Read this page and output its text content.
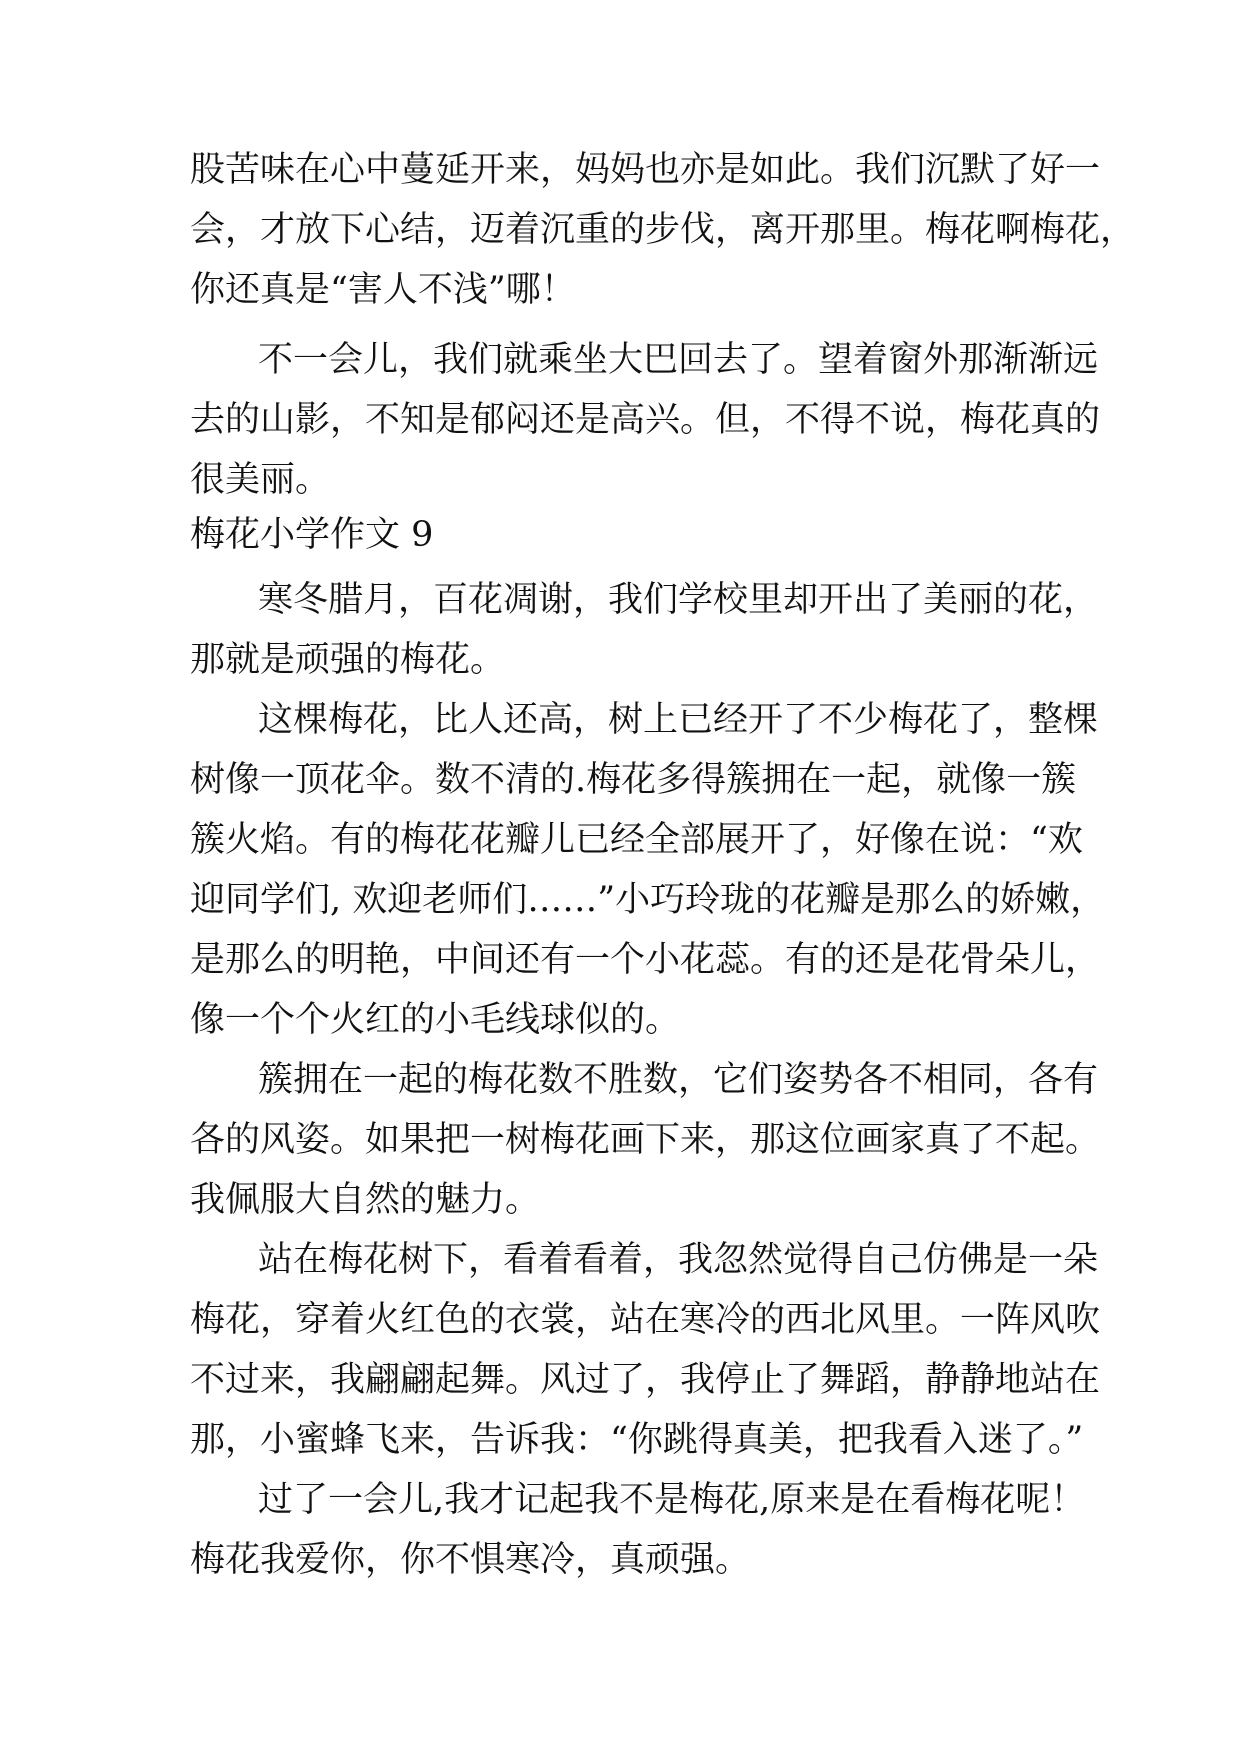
股苦味在心中蔓延开来，妈妈也亦是如此。我们沉默了好一
会，才放下心结，迈着沉重的步伐，离开那里。梅花啊梅花，
你还真是“害人不浅”哪！
不一会儿，我们就乘坐大巴回去了。望着窗外那渐渐远
去的山影，不知是郁闷还是高兴。但，不得不说，梅花真的
很美丽。
梅花小学作文 9
寒冬腊月，百花凋谢，我们学校里却开出了美丽的花，
那就是顽强的梅花。
这棵梅花，比人还高，树上已经开了不少梅花了，整棵
树像一顶花伞。数不清的.梅花多得簇拥在一起，就像一簇
簇火焰。有的梅花花瓣儿已经全部展开了，好像在说：“欢
迎同学们, 欢迎老师们……”小巧玲珑的花瓣是那么的娇嫩，
是那么的明艳，中间还有一个小花蕊。有的还是花骨朵儿，
像一个个火红的小毛线球似的。
簇拥在一起的梅花数不胜数，它们姿势各不相同，各有
各的风姿。如果把一树梅花画下来，那这位画家真了不起。
我佩服大自然的魅力。
站在梅花树下，看着看着，我忽然觉得自己仿佛是一朵
梅花，穿着火红色的衣裳，站在寒冷的西北风里。一阵风吹
不过来，我翩翩起舞。风过了，我停止了舞蹈，静静地站在
那，小蜜蜂飞来，告诉我：“你跳得真美，把我看入迷了。”
过了一会儿,我才记起我不是梅花,原来是在看梅花呢！
梅花我爱你，你不惧寒冷，真顽强。
